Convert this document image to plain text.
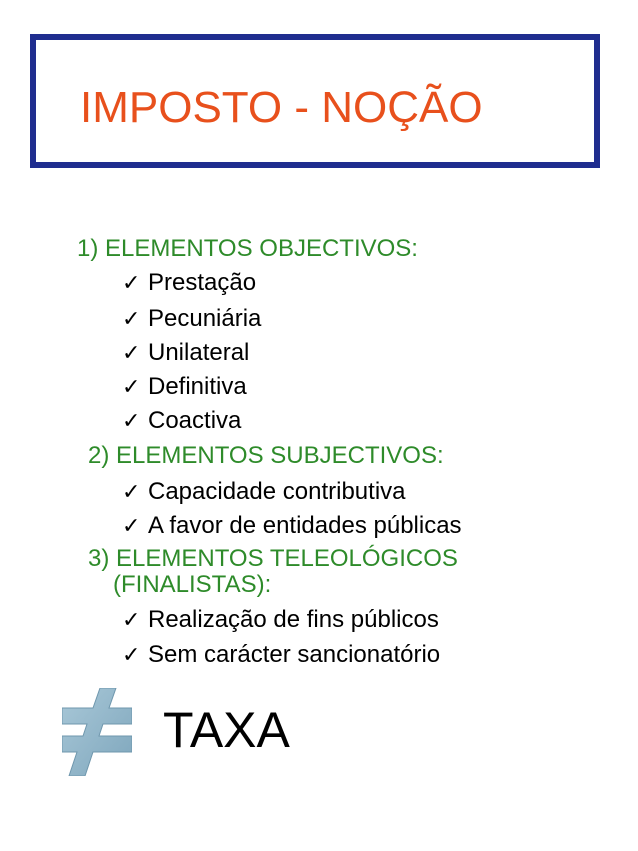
IMPOSTO - NOÇÃO
1) ELEMENTOS OBJECTIVOS:
✓ Prestação
✓ Pecuniária
✓ Unilateral
✓ Definitiva
✓ Coactiva
2) ELEMENTOS SUBJECTIVOS:
✓ Capacidade contributiva
✓ A favor de entidades públicas
3) ELEMENTOS TELEOLÓGICOS
(FINALISTAS):
✓ Realização de fins públicos
✓ Sem carácter sancionatório
TAXA
